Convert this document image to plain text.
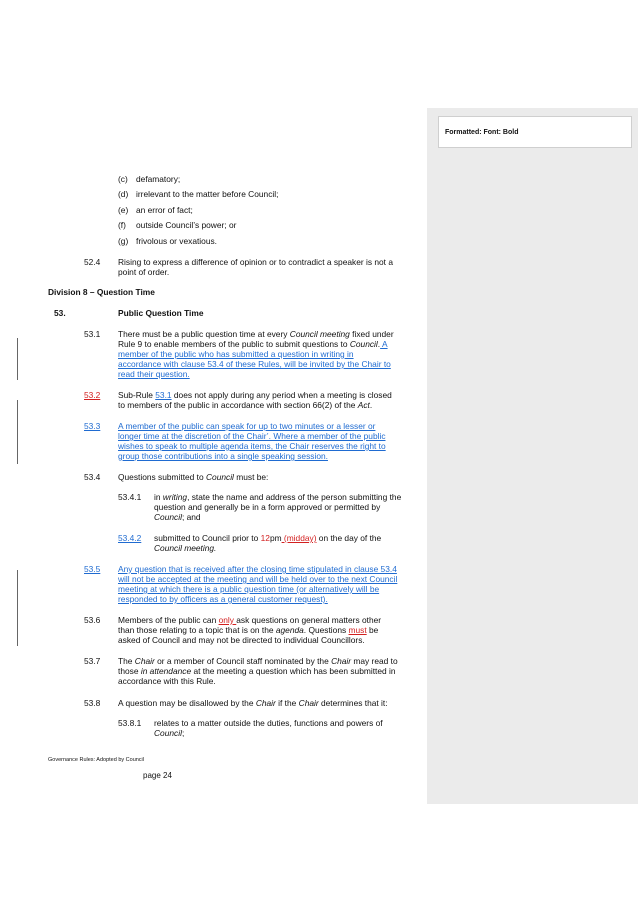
Formatted: Font: Bold
(c) defamatory;
(d) irrelevant to the matter before Council;
(e) an error of fact;
(f) outside Council’s power; or
(g) frivolous or vexatious.
52.4 Rising to express a difference of opinion or to contradict a speaker is not a
point of order.
Division 8 – Question Time
53.	Public Question Time
53.1 There must be a public question time at every Council meeting fixed under
Rule 9 to enable members of the public to submit questions to Council. A
member of the public who has submitted a question in writing in
accordance with clause 53.4 of these Rules, will be invited by the Chair to
read their question.
53.2	Sub-Rule 53.1 does not apply during any period when a meeting is closed
to members of the public in accordance with section 66(2) of the Act.
53.3	A member of the public can speak for up to two minutes or a lesser or
longer time at the discretion of the Chair’. Where a member of the public
wishes to speak to multiple agenda items, the Chair reserves the right to
group those contributions into a single speaking session.
53.4 Questions submitted to Council must be:
53.4.1 in writing, state the name and address of the person submitting the
question and generally be in a form approved or permitted by
Council; and
53.4.2	submitted to Council prior to 12pm (midday) on the day of the
Council meeting.
53.5	Any question that is received after the closing time stipulated in clause 53.4
will not be accepted at the meeting and will be held over to the next Council
meeting at which there is a public question time (or alternatively will be
responded to by officers as a general customer request).
53.6 Members of the public can only ask questions on general matters other
than those relating to a topic that is on the agenda. Questions must be
asked of Council and may not be directed to individual Councillors.
53.7 The Chair or a member of Council staff nominated by the Chair may read to
those in attendance at the meeting a question which has been submitted in
accordance with this Rule.
53.8 A question may be disallowed by the Chair if the Chair determines that it:
53.8.1 relates to a matter outside the duties, functions and powers of
Council;
Governance Rules: Adopted by Council
page 24
